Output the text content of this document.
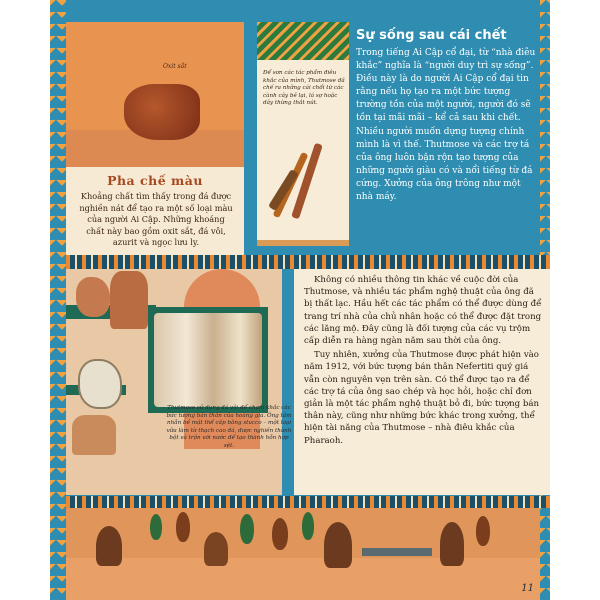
Oxit sắt
Pha chế màu

Khoảng chất tìm thấy trong đá được nghiền nát để tạo ra một số loại màu của người Ai Cập. Những khoáng chất này bao gồm oxit sắt, đá vôi, azurit và ngọc lưu ly.

Để sơn các tác phẩm điêu khắc của mình, Thutmose đã chế ra những cái chổi từ các cành cây bẻ lại, lá sợ hoặc dây thừng thắt nút.

Sự sống sau cái chết

Trong tiếng Ai Cập cổ đại, từ “nhà điêu khắc” nghĩa là “người duy trì sự sống”. Điều này là do người Ai Cập cổ đại tin rằng nếu họ tạo ra một bức tượng trường tồn của một người, người đó sẽ tồn tại mãi mãi – kể cả sau khi chết. Nhiều người muốn dựng tượng chính mình là vì thế. Thutmose và các trợ tá của ông luôn bận rộn tạo tượng của những người giàu có và nổi tiếng từ đá cứng. Xưởng của ông trông như một nhà máy.

Thutmose sử dụng đá vôi để chạm khắc các bức tượng bản thân của hoàng gia. Ông tầm nhẫn bề mặt thể cấp bằng stucco – một loại vữa làm từ thạch cao đá, được nghiền thành bột và trộn với nước để tạo thành hỗn hợp sệt.

Không có nhiều thông tin khác về cuộc đời của Thutmose, và nhiều tác phẩm nghệ thuật của ông đã bị thất lạc. Hầu hết các tác phẩm có thể được dùng để trang trí nhà của chủ nhân hoặc có thể được đặt trong các lăng mộ. Đây cũng là đối tượng của các vụ trộm cấp diễn ra hàng ngàn năm sau thời của ông.

Tuy nhiên, xưởng của Thutmose được phát hiện vào năm 1912, với bức tượng bán thân Nefertiti quý giá vẫn còn nguyên vẹn trên sàn. Có thể được tạo ra để các trợ tá của ông sao chép và học hỏi, hoặc chỉ đơn giản là một tác phẩm nghệ thuật bỏ đi, bức tượng bán thân này, cũng như những bức khác trong xưởng, thể hiện tài năng của Thutmose – nhà điêu khắc của Pharaoh.

11
